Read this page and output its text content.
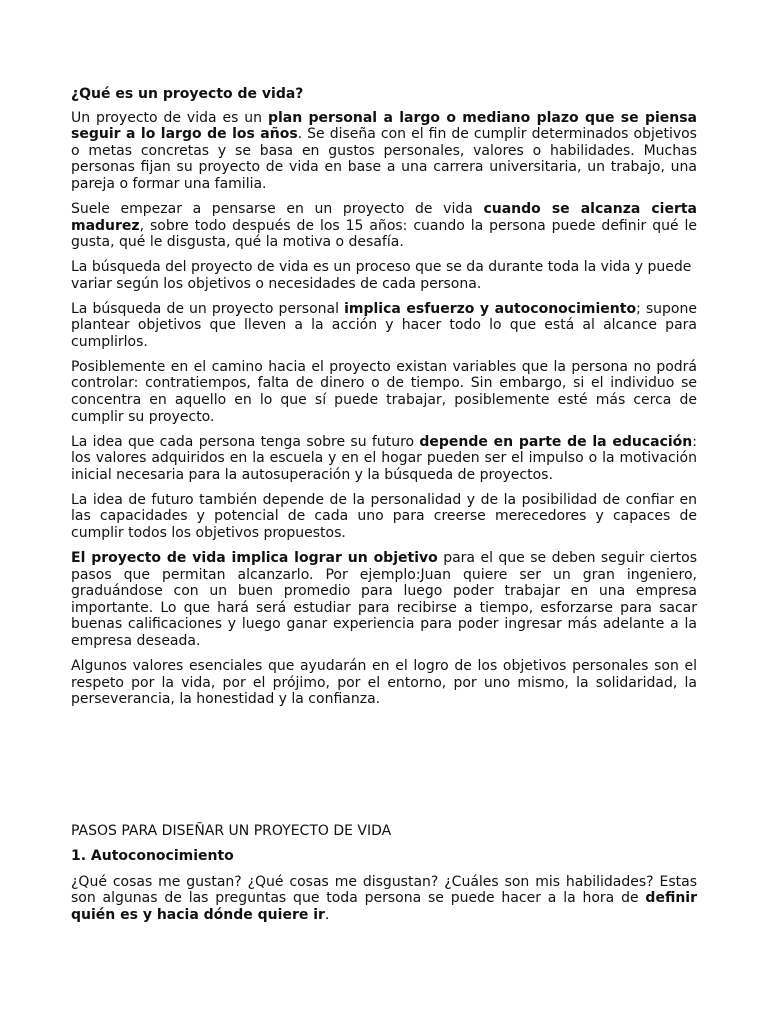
¿Qué es un proyecto de vida?

Un proyecto de vida es un plan personal a largo o mediano plazo que se piensa seguir a lo largo de los años. Se diseña con el fin de cumplir determinados objetivos o metas concretas y se basa en gustos personales, valores o habilidades. Muchas personas fijan su proyecto de vida en base a una carrera universitaria, un trabajo, una pareja o formar una familia.

Suele empezar a pensarse en un proyecto de vida cuando se alcanza cierta madurez, sobre todo después de los 15 años: cuando la persona puede definir qué le gusta, qué le disgusta, qué la motiva o desafía.

La búsqueda del proyecto de vida es un proceso que se da durante toda la vida y puede variar según los objetivos o necesidades de cada persona.

La búsqueda de un proyecto personal implica esfuerzo y autoconocimiento; supone plantear objetivos que lleven a la acción y hacer todo lo que está al alcance para cumplirlos.

Posiblemente en el camino hacia el proyecto existan variables que la persona no podrá controlar: contratiempos, falta de dinero o de tiempo. Sin embargo, si el individuo se concentra en aquello en lo que sí puede trabajar, posiblemente esté más cerca de cumplir su proyecto.

La idea que cada persona tenga sobre su futuro depende en parte de la educación: los valores adquiridos en la escuela y en el hogar pueden ser el impulso o la motivación inicial necesaria para la autosuperación y la búsqueda de proyectos.

La idea de futuro también depende de la personalidad y de la posibilidad de confiar en las capacidades y potencial de cada uno para creerse merecedores y capaces de cumplir todos los objetivos propuestos.

El proyecto de vida implica lograr un objetivo para el que se deben seguir ciertos pasos que permitan alcanzarlo. Por ejemplo:Juan quiere ser un gran ingeniero, graduándose con un buen promedio para luego poder trabajar en una empresa importante. Lo que hará será estudiar para recibirse a tiempo, esforzarse para sacar buenas calificaciones y luego ganar experiencia para poder ingresar más adelante a la empresa deseada.

Algunos valores esenciales que ayudarán en el logro de los objetivos personales son el respeto por la vida, por el prójimo, por el entorno, por uno mismo, la solidaridad, la perseverancia, la honestidad y la confianza.

PASOS PARA DISEÑAR UN PROYECTO DE VIDA

1. Autoconocimiento

¿Qué cosas me gustan? ¿Qué cosas me disgustan? ¿Cuáles son mis habilidades? Estas son algunas de las preguntas que toda persona se puede hacer a la hora de definir quién es y hacia dónde quiere ir.
